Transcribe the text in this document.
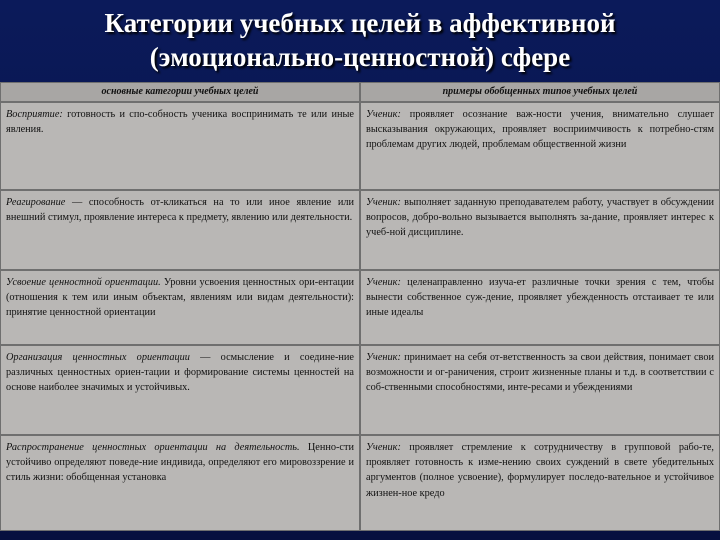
Категории учебных целей в аффективной
(эмоционально-ценностной) сфере
основные категории учебных целей	примеры обобщенных типов учебных целей
Восприятие: готовность и спо-собность ученика воспринимать те или иные явления.	Ученик: проявляет осознание важ-ности учения, внимательно слушает высказывания окружающих, проявляет восприимчивость к потребно-стям проблемам других людей, проблемам общественной жизни
Реагирование — способность от-кликаться на то или иное явление или внешний стимул, проявление интереса к предмету, явлению или деятельности.	Ученик: выполняет заданную преподавателем работу, участвует в обсуждении вопросов, добро-вольно вызывается выполнять за-дание, проявляет интерес к учеб-ной дисциплине.
Усвоение ценностной ориентации. Уровни усвоения ценностных ори-ентации (отношения к тем или иным объектам, явлениям или видам деятельности): принятие ценностной ориентации	Ученик: целенаправленно изуча-ет различные точки зрения с тем, чтобы вынести собственное суж-дение, проявляет убежденность отстаивает те или иные идеалы
Организация ценностных ориентации — осмысление и соедине-ние различных ценностных ориен-тации и формирование системы ценностей на основе наиболее значимых и устойчивых.	Ученик: принимает на себя от-ветственность за свои действия, понимает свои возможности и ог-раничения, строит жизненные планы и т.д. в соответствии с соб-ственными способностями, инте-ресами и убеждениями
Распространение ценностных ориентации на деятельность. Ценно-сти устойчиво определяют поведе-ние индивида, определяют его мировоззрение и стиль жизни: обобщенная установка	Ученик: проявляет стремление к сотрудничеству в групповой рабо-те, проявляет готовность к изме-нению своих суждений в свете убедительных аргументов (полное усвоение), формулирует последо-вательное и устойчивое жизнен-ное кредо
